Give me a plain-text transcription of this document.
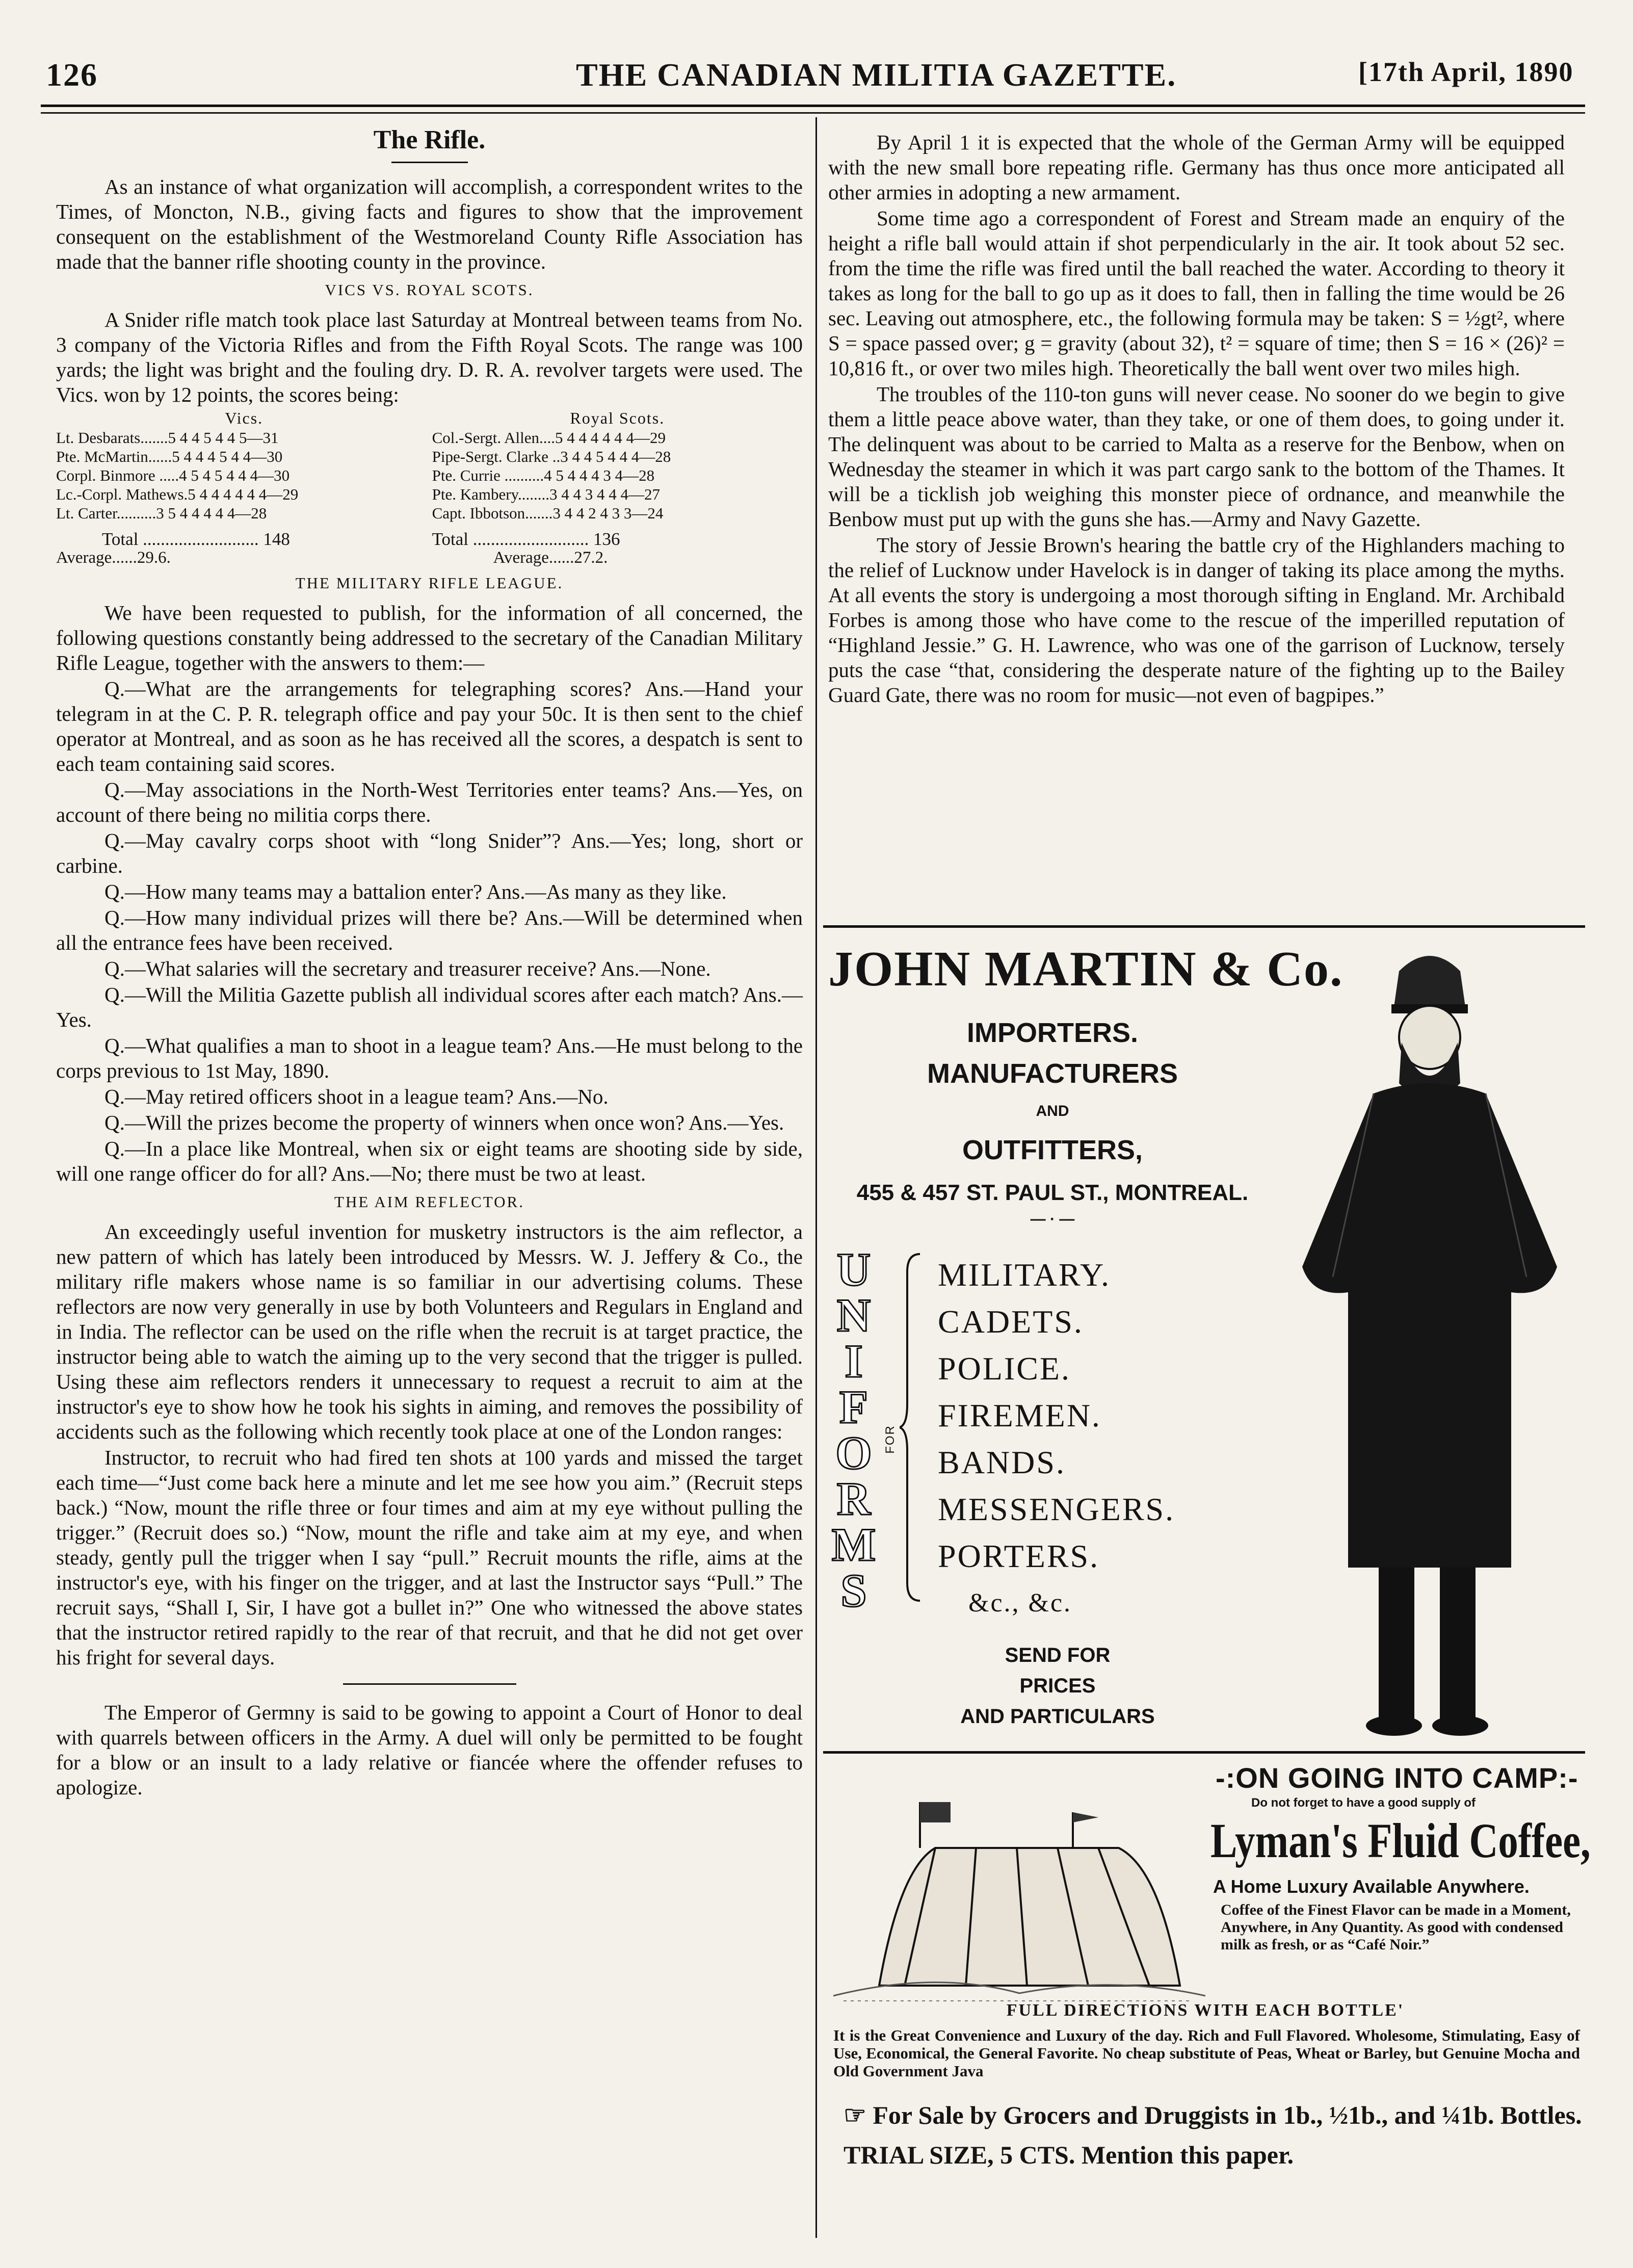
126	THE CANADIAN MILITIA GAZETTE.	[17th April, 1890
The Rifle.

As an instance of what organization will accomplish, a correspondent writes to the Times, of Moncton, N.B., giving facts and figures to show that the improvement consequent on the establishment of the Westmoreland County Rifle Association has made that the banner rifle shooting county in the province.

VICS VS. ROYAL SCOTS.

A Snider rifle match took place last Saturday at Montreal between teams from No. 3 company of the Victoria Rifles and from the Fifth Royal Scots. The range was 100 yards; the light was bright and the fouling dry. D. R. A. revolver targets were used. The Vics. won by 12 points, the scores being:

Vics.	Royal Scots.
Lt. Desbarats.......5 4 4 5 4 4 5—31	Col.-Sergt. Allen....5 4 4 4 4 4 4—29
Pte. McMartin......5 4 4 4 5 4 4—30	Pipe-Sergt. Clarke ..3 4 4 5 4 4 4—28
Corpl. Binmore .....4 5 4 5 4 4 4—30	Pte. Currie ..........4 5 4 4 4 3 4—28
Lc.-Corpl. Mathews.5 4 4 4 4 4 4—29	Pte. Kambery........3 4 4 3 4 4 4—27
Lt. Carter..........3 5 4 4 4 4 4—28	Capt. Ibbotson.......3 4 4 2 4 3 3—24
Total .......................... 148	Total .......................... 136
Average......29.6.	Average......27.2.
THE MILITARY RIFLE LEAGUE.

We have been requested to publish, for the information of all concerned, the following questions constantly being addressed to the secretary of the Canadian Military Rifle League, together with the answers to them:—

Q.—What are the arrangements for telegraphing scores? Ans.—Hand your telegram in at the C. P. R. telegraph office and pay your 50c. It is then sent to the chief operator at Montreal, and as soon as he has received all the scores, a despatch is sent to each team containing said scores.

Q.—May associations in the North-West Territories enter teams? Ans.—Yes, on account of there being no militia corps there.

Q.—May cavalry corps shoot with “long Snider”? Ans.—Yes; long, short or carbine.

Q.—How many teams may a battalion enter? Ans.—As many as they like.

Q.—How many individual prizes will there be? Ans.—Will be determined when all the entrance fees have been received.

Q.—What salaries will the secretary and treasurer receive? Ans.—None.

Q.—Will the Militia Gazette publish all individual scores after each match? Ans.—Yes.

Q.—What qualifies a man to shoot in a league team? Ans.—He must belong to the corps previous to 1st May, 1890.

Q.—May retired officers shoot in a league team? Ans.—No.

Q.—Will the prizes become the property of winners when once won? Ans.—Yes.

Q.—In a place like Montreal, when six or eight teams are shooting side by side, will one range officer do for all? Ans.—No; there must be two at least.

THE AIM REFLECTOR.

An exceedingly useful invention for musketry instructors is the aim reflector, a new pattern of which has lately been introduced by Messrs. W. J. Jeffery & Co., the military rifle makers whose name is so familiar in our advertising colums. These reflectors are now very generally in use by both Volunteers and Regulars in England and in India. The reflector can be used on the rifle when the recruit is at target practice, the instructor being able to watch the aiming up to the very second that the trigger is pulled. Using these aim reflectors renders it unnecessary to request a recruit to aim at the instructor's eye to show how he took his sights in aiming, and removes the possibility of accidents such as the following which recently took place at one of the London ranges:

Instructor, to recruit who had fired ten shots at 100 yards and missed the target each time—“Just come back here a minute and let me see how you aim.” (Recruit steps back.) “Now, mount the rifle three or four times and aim at my eye without pulling the trigger.” (Recruit does so.) “Now, mount the rifle and take aim at my eye, and when steady, gently pull the trigger when I say “pull.” Recruit mounts the rifle, aims at the instructor's eye, with his finger on the trigger, and at last the Instructor says “Pull.” The recruit says, “Shall I, Sir, I have got a bullet in?” One who witnessed the above states that the instructor retired rapidly to the rear of that recruit, and that he did not get over his fright for several days.

The Emperor of Germny is said to be gowing to appoint a Court of Honor to deal with quarrels between officers in the Army. A duel will only be permitted to be fought for a blow or an insult to a lady relative or fiancée where the offender refuses to apologize.

By April 1 it is expected that the whole of the German Army will be equipped with the new small bore repeating rifle. Germany has thus once more anticipated all other armies in adopting a new armament.

Some time ago a correspondent of Forest and Stream made an enquiry of the height a rifle ball would attain if shot perpendicularly in the air. It took about 52 sec. from the time the rifle was fired until the ball reached the water. According to theory it takes as long for the ball to go up as it does to fall, then in falling the time would be 26 sec. Leaving out atmosphere, etc., the following formula may be taken: S = ½gt², where S = space passed over; g = gravity (about 32), t² = square of time; then S = 16 × (26)² = 10,816 ft., or over two miles high. Theoretically the ball went over two miles high.

The troubles of the 110-ton guns will never cease. No sooner do we begin to give them a little peace above water, than they take, or one of them does, to going under it. The delinquent was about to be carried to Malta as a reserve for the Benbow, when on Wednesday the steamer in which it was part cargo sank to the bottom of the Thames. It will be a ticklish job weighing this monster piece of ordnance, and meanwhile the Benbow must put up with the guns she has.—Army and Navy Gazette.

The story of Jessie Brown's hearing the battle cry of the Highlanders maching to the relief of Lucknow under Havelock is in danger of taking its place among the myths. At all events the story is undergoing a most thorough sifting in England. Mr. Archibald Forbes is among those who have come to the rescue of the imperilled reputation of “Highland Jessie.” G. H. Lawrence, who was one of the garrison of Lucknow, tersely puts the case “that, considering the desperate nature of the fighting up to the Bailey Guard Gate, there was no room for music—not even of bagpipes.”

JOHN MARTIN & Co.
IMPORTERS.
MANUFACTURERS
AND
OUTFITTERS,
455 & 457 ST. PAUL ST., MONTREAL.
— · —
U
N
I
F
O
R
M
S
FOR
MILITARY.
CADETS.
POLICE.
FIREMEN.
BANDS.
MESSENGERS.
PORTERS.
&c., &c.
SEND FOR
PRICES
AND PARTICULARS
-:ON GOING INTO CAMP:-
Do not forget to have a good supply of
Lyman's Fluid Coffee,
A Home Luxury Available Anywhere.
Coffee of the Finest Flavor can be made in a Moment, Anywhere, in Any Quantity. As good with condensed milk as fresh, or as “Café Noir.”
FULL DIRECTIONS WITH EACH BOTTLE'
It is the Great Convenience and Luxury of the day. Rich and Full Flavored. Wholesome, Stimulating, Easy of Use, Economical, the General Favorite. No cheap substitute of Peas, Wheat or Barley, but Genuine Mocha and Old Government Java
☞ For Sale by Grocers and Druggists in 1b., ½1b., and ¼1b. Bottles. TRIAL SIZE, 5 CTS. Mention this paper.
